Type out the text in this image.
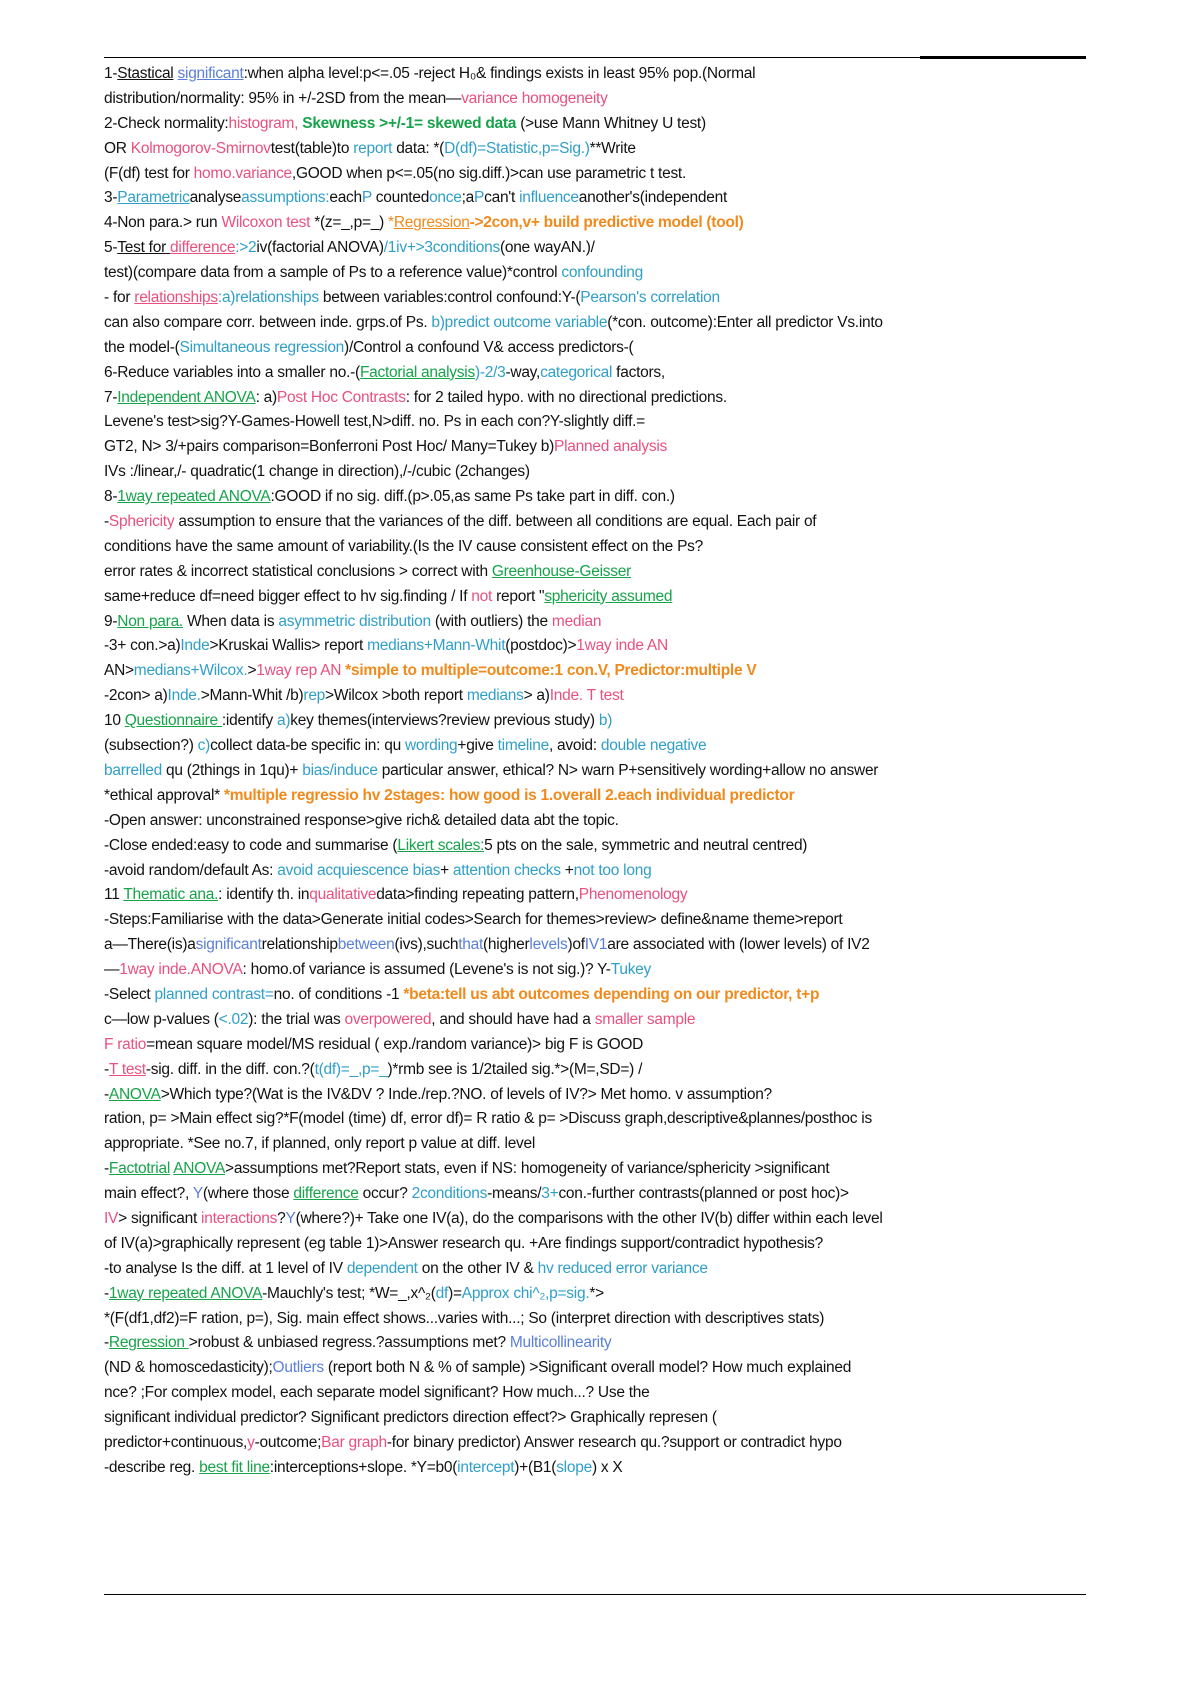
1-Stastical significant:when alpha level:p<=.05 -reject H₀& findings exists in least 95% pop.(Normal
distribution/normality: 95% in +/-2SD from the mean—variance homogeneity
2-Check normality:histogram, Skewness >+/-1= skewed data (>use Mann Whitney U test)
OR Kolmogorov-Smirnovtest(table)to report data: *(D(df)=Statistic,p=Sig.)**Write
(F(df) test for homo.variance,GOOD when p<=.05(no sig.diff.)>can use parametric t test.
3-Parametricanalyseassumptions:eachP countedonce;aPcan't influenceanother's(independent
4-Non para.> run Wilcoxon test *(z=_,p=_) *Regression->2con,v+ build predictive model (tool)
5-Test for difference:>2iv(factorial ANOVA)/1iv+>3conditions(one wayAN.)/
test)(compare data from a sample of Ps to a reference value)*control confounding
- for relationships:a)relationships between variables:control confound:Y-(Pearson's correlation
can also compare corr. between inde. grps.of Ps. b)predict outcome variable(*con. outcome):Enter all predictor Vs.into
the model-(Simultaneous regression)/Control a confound V& access predictors-(
6-Reduce variables into a smaller no.-(Factorial analysis)-2/3-way,categorical factors,
7-Independent ANOVA: a)Post Hoc Contrasts: for 2 tailed hypo. with no directional predictions.
Levene's test>sig?Y-Games-Howell test,N>diff. no. Ps in each con?Y-slightly diff.=
GT2, N> 3/+pairs comparison=Bonferroni Post Hoc/ Many=Tukey b)Planned analysis
IVs :/linear,/- quadratic(1 change in direction),/-/cubic (2changes)
8-1way repeated ANOVA:GOOD if no sig. diff.(p>.05,as same Ps take part in diff. con.)
-Sphericity assumption to ensure that the variances of the diff. between all conditions are equal. Each pair of
conditions have the same amount of variability.(Is the IV cause consistent effect on the Ps?
error rates & incorrect statistical conclusions > correct with Greenhouse-Geisser
same+reduce df=need bigger effect to hv sig.finding / If not report "sphericity assumed
9-Non para. When data is asymmetric distribution (with outliers) the median
-3+ con.>a)Inde>Kruskai Wallis> report medians+Mann-Whit(postdoc)>1way inde AN
AN>medians+Wilcox.>1way rep AN *simple to multiple=outcome:1 con.V, Predictor:multiple V
-2con> a)Inde.>Mann-Whit /b)rep>Wilcox >both report medians> a)Inde. T test
10 Questionnaire :identify a)key themes(interviews?review previous study) b)
(subsection?) c)collect data-be specific in: qu wording+give timeline, avoid: double negative
barrelled qu (2things in 1qu)+ bias/induce particular answer, ethical? N> warn P+sensitively wording+allow no answer
*ethical approval* *multiple regressio hv 2stages: how good is 1.overall 2.each individual predictor
-Open answer: unconstrained response>give rich& detailed data abt the topic.
-Close ended:easy to code and summarise (Likert scales:5 pts on the sale, symmetric and neutral centred)
-avoid random/default As: avoid acquiescence bias+ attention checks +not too long
11 Thematic ana.: identify th. inqualitativedata>finding repeating pattern,Phenomenology
-Steps:Familiarise with the data>Generate initial codes>Search for themes>review> define&name theme>report
a—There(is)asignificantrelationshipbetween(ivs),suchthat(higherlevels)ofIV1are associated with (lower levels) of IV2
—1way inde.ANOVA: homo.of variance is assumed (Levene's is not sig.)? Y-Tukey
-Select planned contrast=no. of conditions -1 *beta:tell us abt outcomes depending on our predictor, t+p
c—low p-values (<.02): the trial was overpowered, and should have had a smaller sample
F ratio=mean square model/MS residual ( exp./random variance)> big F is GOOD
-T test-sig. diff. in the diff. con.?(t(df)=_,p=_)*rmb see is 1/2tailed sig.*>(M=,SD=) /
-ANOVA>Which type?(Wat is the IV&DV ? Inde./rep.?NO. of levels of IV?> Met homo. v assumption?
ration, p= >Main effect sig?*F(model (time) df, error df)= R ratio & p= >Discuss graph,descriptive&plannes/posthoc is
appropriate. *See no.7, if planned, only report p value at diff. level
-Factotrial ANOVA>assumptions met?Report stats, even if NS: homogeneity of variance/sphericity >significant
main effect?, Y(where those difference occur? 2conditions-means/3+con.-further contrasts(planned or post hoc)>
IV> significant interactions?Y(where?)+ Take one IV(a), do the comparisons with the other IV(b) differ within each level
of IV(a)>graphically represent (eg table 1)>Answer research qu. +Are findings support/contradict hypothesis?
-to analyse Is the diff. at 1 level of IV dependent on the other IV & hv reduced error variance
-1way repeated ANOVA-Mauchly's test; *W=_,x^₂(df)=Approx chi^₂,p=sig.*>
*(F(df1,df2)=F ration, p=), Sig. main effect shows...varies with...; So (interpret direction with descriptives stats)
-Regression >robust & unbiased regress.?assumptions met? Multicollinearity
(ND & homoscedasticity);Outliers (report both N & % of sample) >Significant overall model? How much explained
nce? ;For complex model, each separate model significant? How much...? Use the
significant individual predictor? Significant predictors direction effect?> Graphically represen (
predictor+continuous,y-outcome;Bar graph-for binary predictor) Answer research qu.?support or contradict hypo
-describe reg. best fit line:interceptions+slope. *Y=b0(intercept)+(B1(slope) x X
